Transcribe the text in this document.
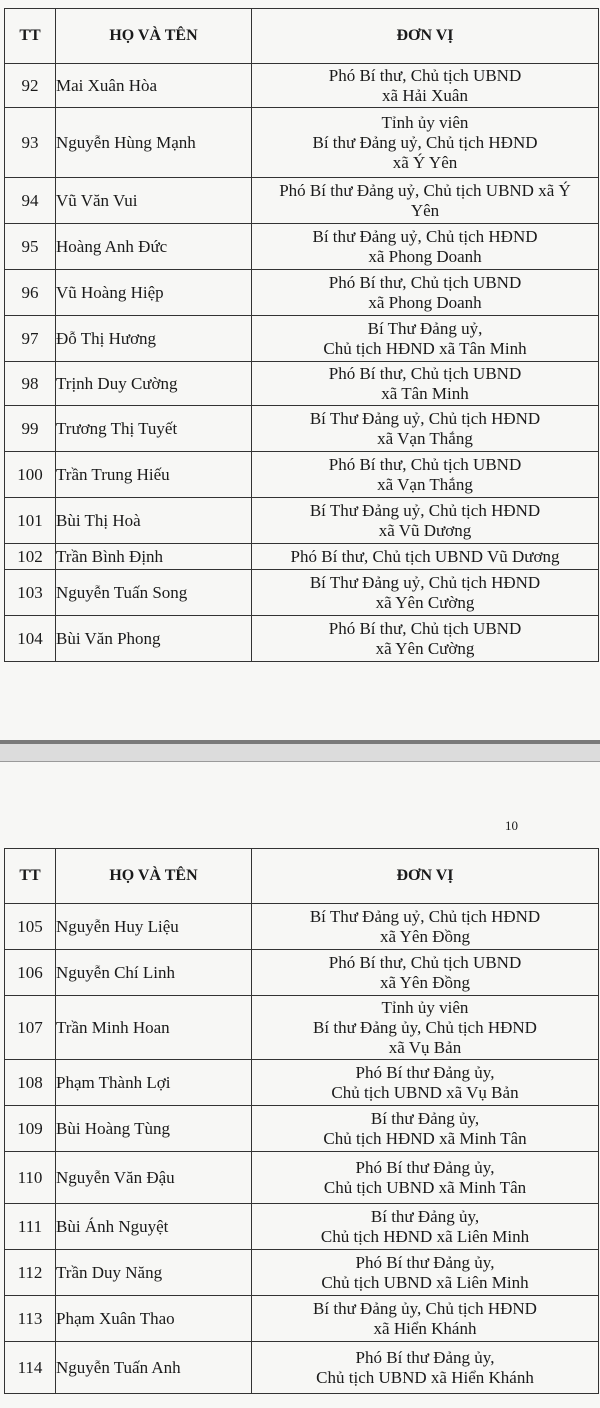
TT	HỌ VÀ TÊN	ĐƠN VỊ
92	Mai Xuân Hòa	Phó Bí thư, Chủ tịch UBND
xã Hải Xuân

93	Nguyễn Hùng Mạnh	Tỉnh ủy viên
Bí thư Đảng uỷ, Chủ tịch HĐND
xã Ý Yên

94	Vũ Văn Vui	Phó Bí thư Đảng uỷ, Chủ tịch UBND xã Ý
Yên

95	Hoàng Anh Đức	Bí thư Đảng uỷ, Chủ tịch HĐND
xã Phong Doanh

96	Vũ Hoàng Hiệp	Phó Bí thư, Chủ tịch UBND
xã Phong Doanh

97	Đỗ Thị Hương	Bí Thư Đảng uỷ,
Chủ tịch HĐND xã Tân Minh

98	Trịnh Duy Cường	Phó Bí thư, Chủ tịch UBND
xã Tân Minh

99	Trương Thị Tuyết	Bí Thư Đảng uỷ, Chủ tịch HĐND
xã Vạn Thắng

100	Trần Trung Hiếu	Phó Bí thư, Chủ tịch UBND
xã Vạn Thắng

101	Bùi Thị Hoà	Bí Thư Đảng uỷ, Chủ tịch HĐND
xã Vũ Dương

102	Trần Bình Định	Phó Bí thư, Chủ tịch UBND Vũ Dương

103	Nguyễn Tuấn Song	Bí Thư Đảng uỷ, Chủ tịch HĐND
xã Yên Cường

104	Bùi Văn Phong	Phó Bí thư, Chủ tịch UBND
xã Yên Cường
10
TT	HỌ VÀ TÊN	ĐƠN VỊ
105	Nguyễn Huy Liệu	Bí Thư Đảng uỷ, Chủ tịch HĐND
xã Yên Đồng

106	Nguyễn Chí Linh	Phó Bí thư, Chủ tịch UBND
xã Yên Đồng

107	Trần Minh Hoan	Tỉnh ủy viên
Bí thư Đảng ủy, Chủ tịch HĐND
xã Vụ Bản

108	Phạm Thành Lợi	Phó Bí thư Đảng ủy,
Chủ tịch UBND xã Vụ Bản

109	Bùi Hoàng Tùng	Bí thư Đảng ủy,
Chủ tịch HĐND xã Minh Tân

110	Nguyễn Văn Đậu	Phó Bí thư Đảng ủy,
Chủ tịch UBND xã Minh Tân

111	Bùi Ánh Nguyệt	Bí thư Đảng ủy,
Chủ tịch HĐND xã Liên Minh

112	Trần Duy Năng	Phó Bí thư Đảng ủy,
Chủ tịch UBND xã Liên Minh

113	Phạm Xuân Thao	Bí thư Đảng ủy, Chủ tịch HĐND
xã Hiển Khánh

114	Nguyễn Tuấn Anh	Phó Bí thư Đảng ủy,
Chủ tịch UBND xã Hiển Khánh
